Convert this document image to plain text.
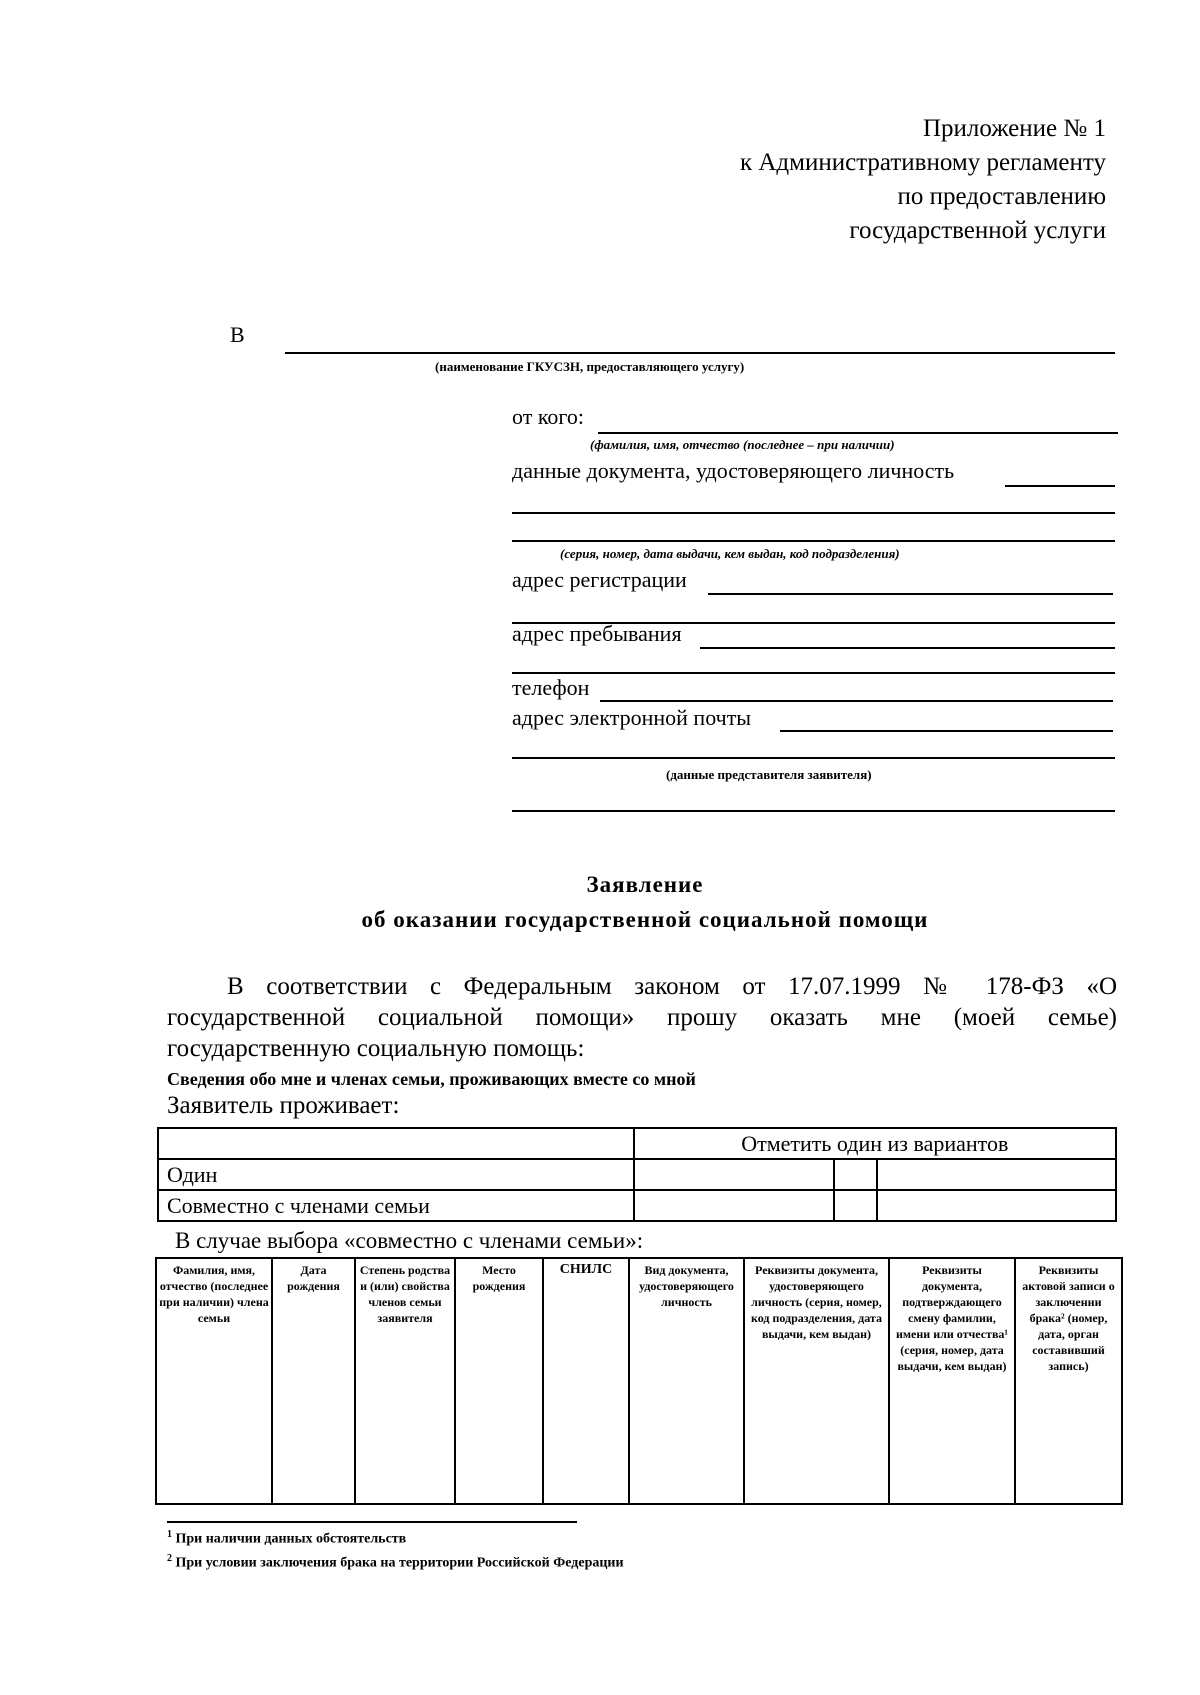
Приложение № 1
к Административному регламенту
по предоставлению
государственной услуги
В
(наименование ГКУСЗН, предоставляющего услугу)
от кого:
(фамилия, имя, отчество (последнее – при наличии)
данные документа, удостоверяющего личность
(серия, номер, дата выдачи, кем выдан, код подразделения)
адрес регистрации
адрес пребывания
телефон
адрес электронной почты
(данные представителя заявителя)
Заявление
об оказании государственной социальной помощи
В соответствии с Федеральным законом от 17.07.1999 № 178-ФЗ «О государственной социальной помощи» прошу оказать мне (моей семье) государственную социальную помощь:
Сведения обо мне и членах семьи, проживающих вместе со мной
Заявитель проживает:
	Отметить один из вариантов		
Один			
Совместно с членами семьи			
В случае выбора «совместно с членами семьи»:
Фамилия, имя, отчество (последнее при наличии) члена семьи	Дата рождения	Степень родства и (или) свойства членов семьи заявителя	Место рождения	СНИЛС	Вид документа, удостоверяющего личность	Реквизиты документа, удостоверяющего личность (серия, номер, код подразделения, дата выдачи, кем выдан)	Реквизиты документа, подтверждающего смену фамилии, имени или отчества¹ (серия, номер, дата выдачи, кем выдан)	Реквизиты актовой записи о заключении брака² (номер, дата, орган составивший запись)
$^1$ При наличии данных обстоятельств
$^2$ При условии заключения брака на территории Российской Федерации
